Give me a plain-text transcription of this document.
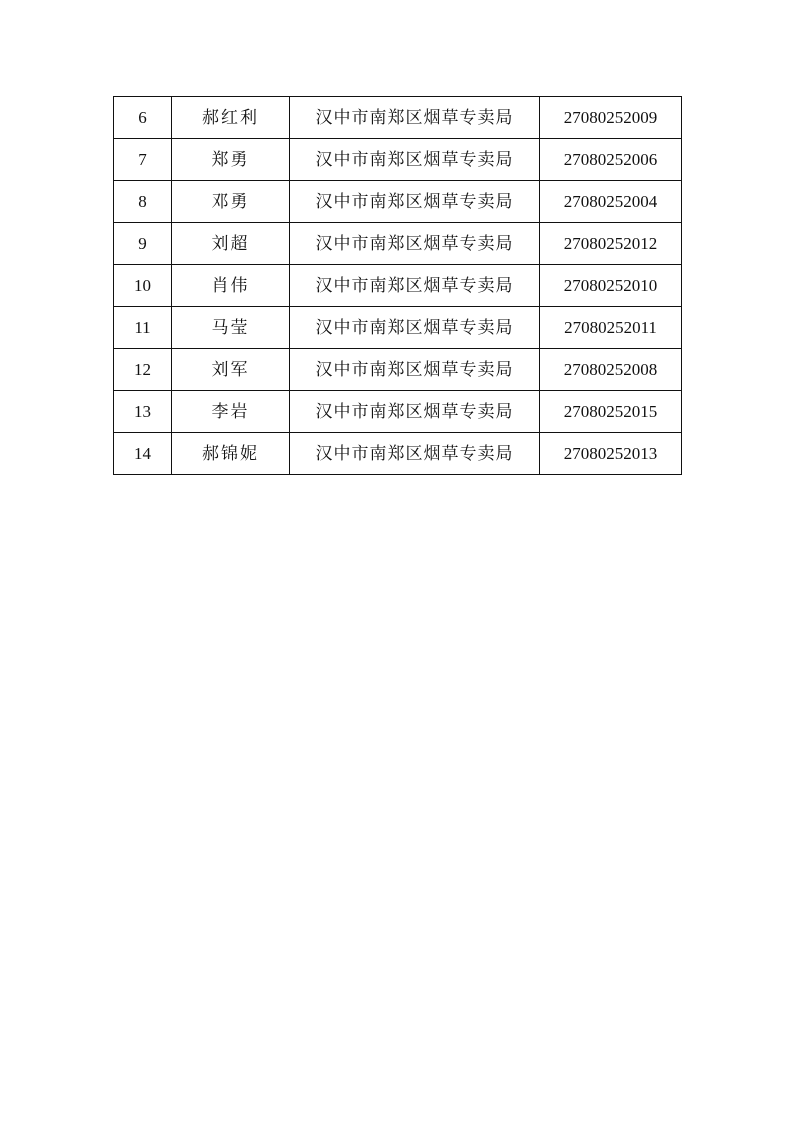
6	郝红利	汉中市南郑区烟草专卖局	27080252009
7	郑勇	汉中市南郑区烟草专卖局	27080252006
8	邓勇	汉中市南郑区烟草专卖局	27080252004
9	刘超	汉中市南郑区烟草专卖局	27080252012
10	肖伟	汉中市南郑区烟草专卖局	27080252010
11	马莹	汉中市南郑区烟草专卖局	27080252011
12	刘军	汉中市南郑区烟草专卖局	27080252008
13	李岩	汉中市南郑区烟草专卖局	27080252015
14	郝锦妮	汉中市南郑区烟草专卖局	27080252013
